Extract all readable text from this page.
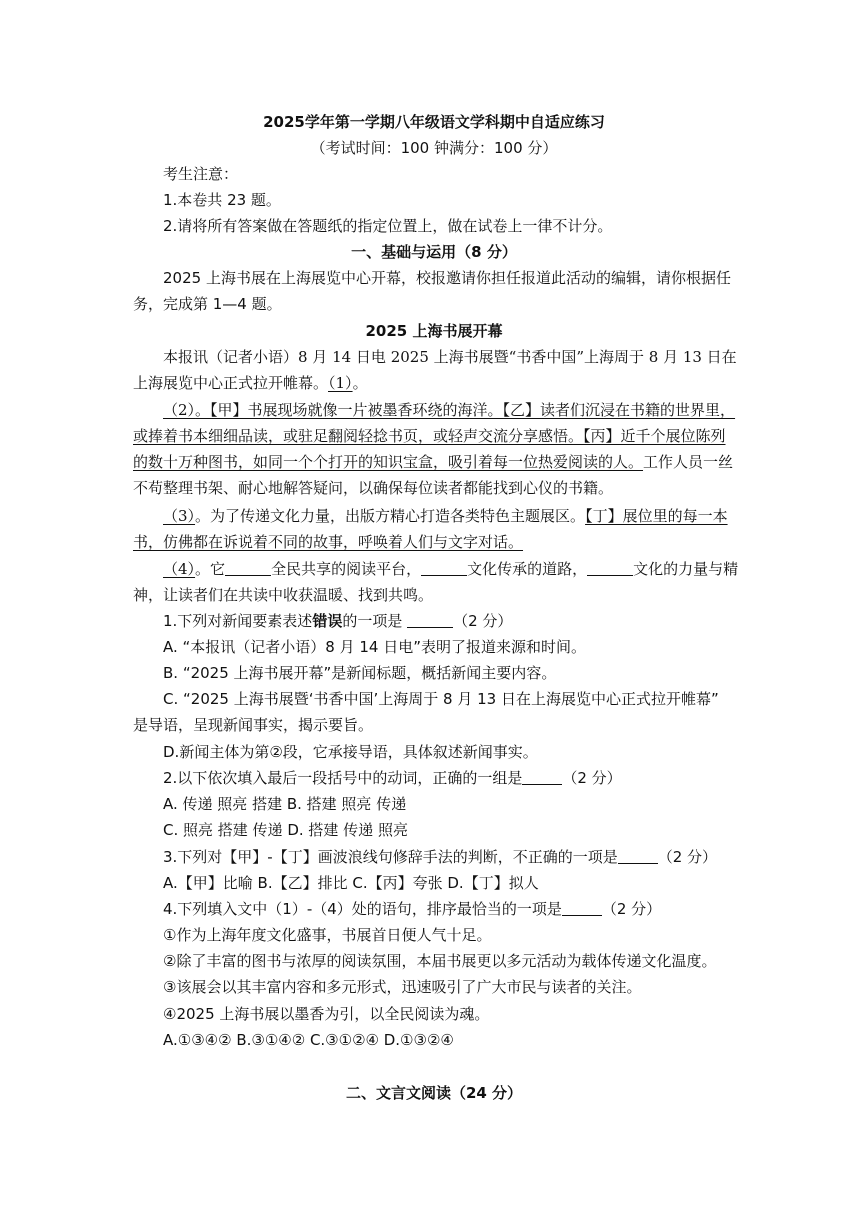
2025学年第一学期八年级语文学科期中自适应练习
（考试时间：100 钟满分：100 分）
考生注意：
1.本卷共 23 题。
2.请将所有答案做在答题纸的指定位置上，做在试卷上一律不计分。
一、基础与运用（8 分）
2025 上海书展在上海展览中心开幕，校报邀请你担任报道此活动的编辑，请你根据任
务，完成第 1—4 题。
2025 上海书展开幕
本报讯（记者小语）8 月 14 日电 2025 上海书展暨“书香中国”上海周于 8 月 13 日在
上海展览中心正式拉开帷幕。（1）。
（2）。【甲】书展现场就像一片被墨香环绕的海洋。【乙】读者们沉浸在书籍的世界里，
或捧着书本细细品读，或驻足翻阅轻捻书页，或轻声交流分享感悟。【丙】近千个展位陈列
的数十万种图书，如同一个个打开的知识宝盒，吸引着每一位热爱阅读的人。工作人员一丝
不苟整理书架、耐心地解答疑问，以确保每位读者都能找到心仪的书籍。
（3）。为了传递文化力量，出版方精心打造各类特色主题展区。【丁】展位里的每一本
书，仿佛都在诉说着不同的故事，呼唤着人们与文字对话。
（4）。它	全民共享的阅读平台，	文化传承的道路，	文化的力量与精
神，让读者们在共读中收获温暖、找到共鸣。
1.下列对新闻要素表述错误的一项是	（2 分）
A. “本报讯（记者小语）8 月 14 日电”表明了报道来源和时间。
B. “2025 上海书展开幕”是新闻标题，概括新闻主要内容。
C. “2025 上海书展暨‘书香中国’上海周于 8 月 13 日在上海展览中心正式拉开帷幕”
是导语，呈现新闻事实，揭示要旨。
D.新闻主体为第②段，它承接导语，具体叙述新闻事实。
2.以下依次填入最后一段括号中的动词，正确的一组是	（2 分）
A. 传递 照亮 搭建 B. 搭建 照亮 传递
C. 照亮 搭建 传递 D. 搭建 传递 照亮
3.下列对【甲】-【丁】画波浪线句修辞手法的判断，不正确的一项是	（2 分）
A.【甲】比喻 B.【乙】排比 C.【丙】夸张 D.【丁】拟人
4.下列填入文中（1）-（4）处的语句，排序最恰当的一项是	（2 分）
①作为上海年度文化盛事，书展首日便人气十足。
②除了丰富的图书与浓厚的阅读氛围，本届书展更以多元活动为载体传递文化温度。
③该展会以其丰富内容和多元形式，迅速吸引了广大市民与读者的关注。
④2025 上海书展以墨香为引，以全民阅读为魂。
A.①③④② B.③①④② C.③①②④ D.①③②④
二、文言文阅读（24 分）
